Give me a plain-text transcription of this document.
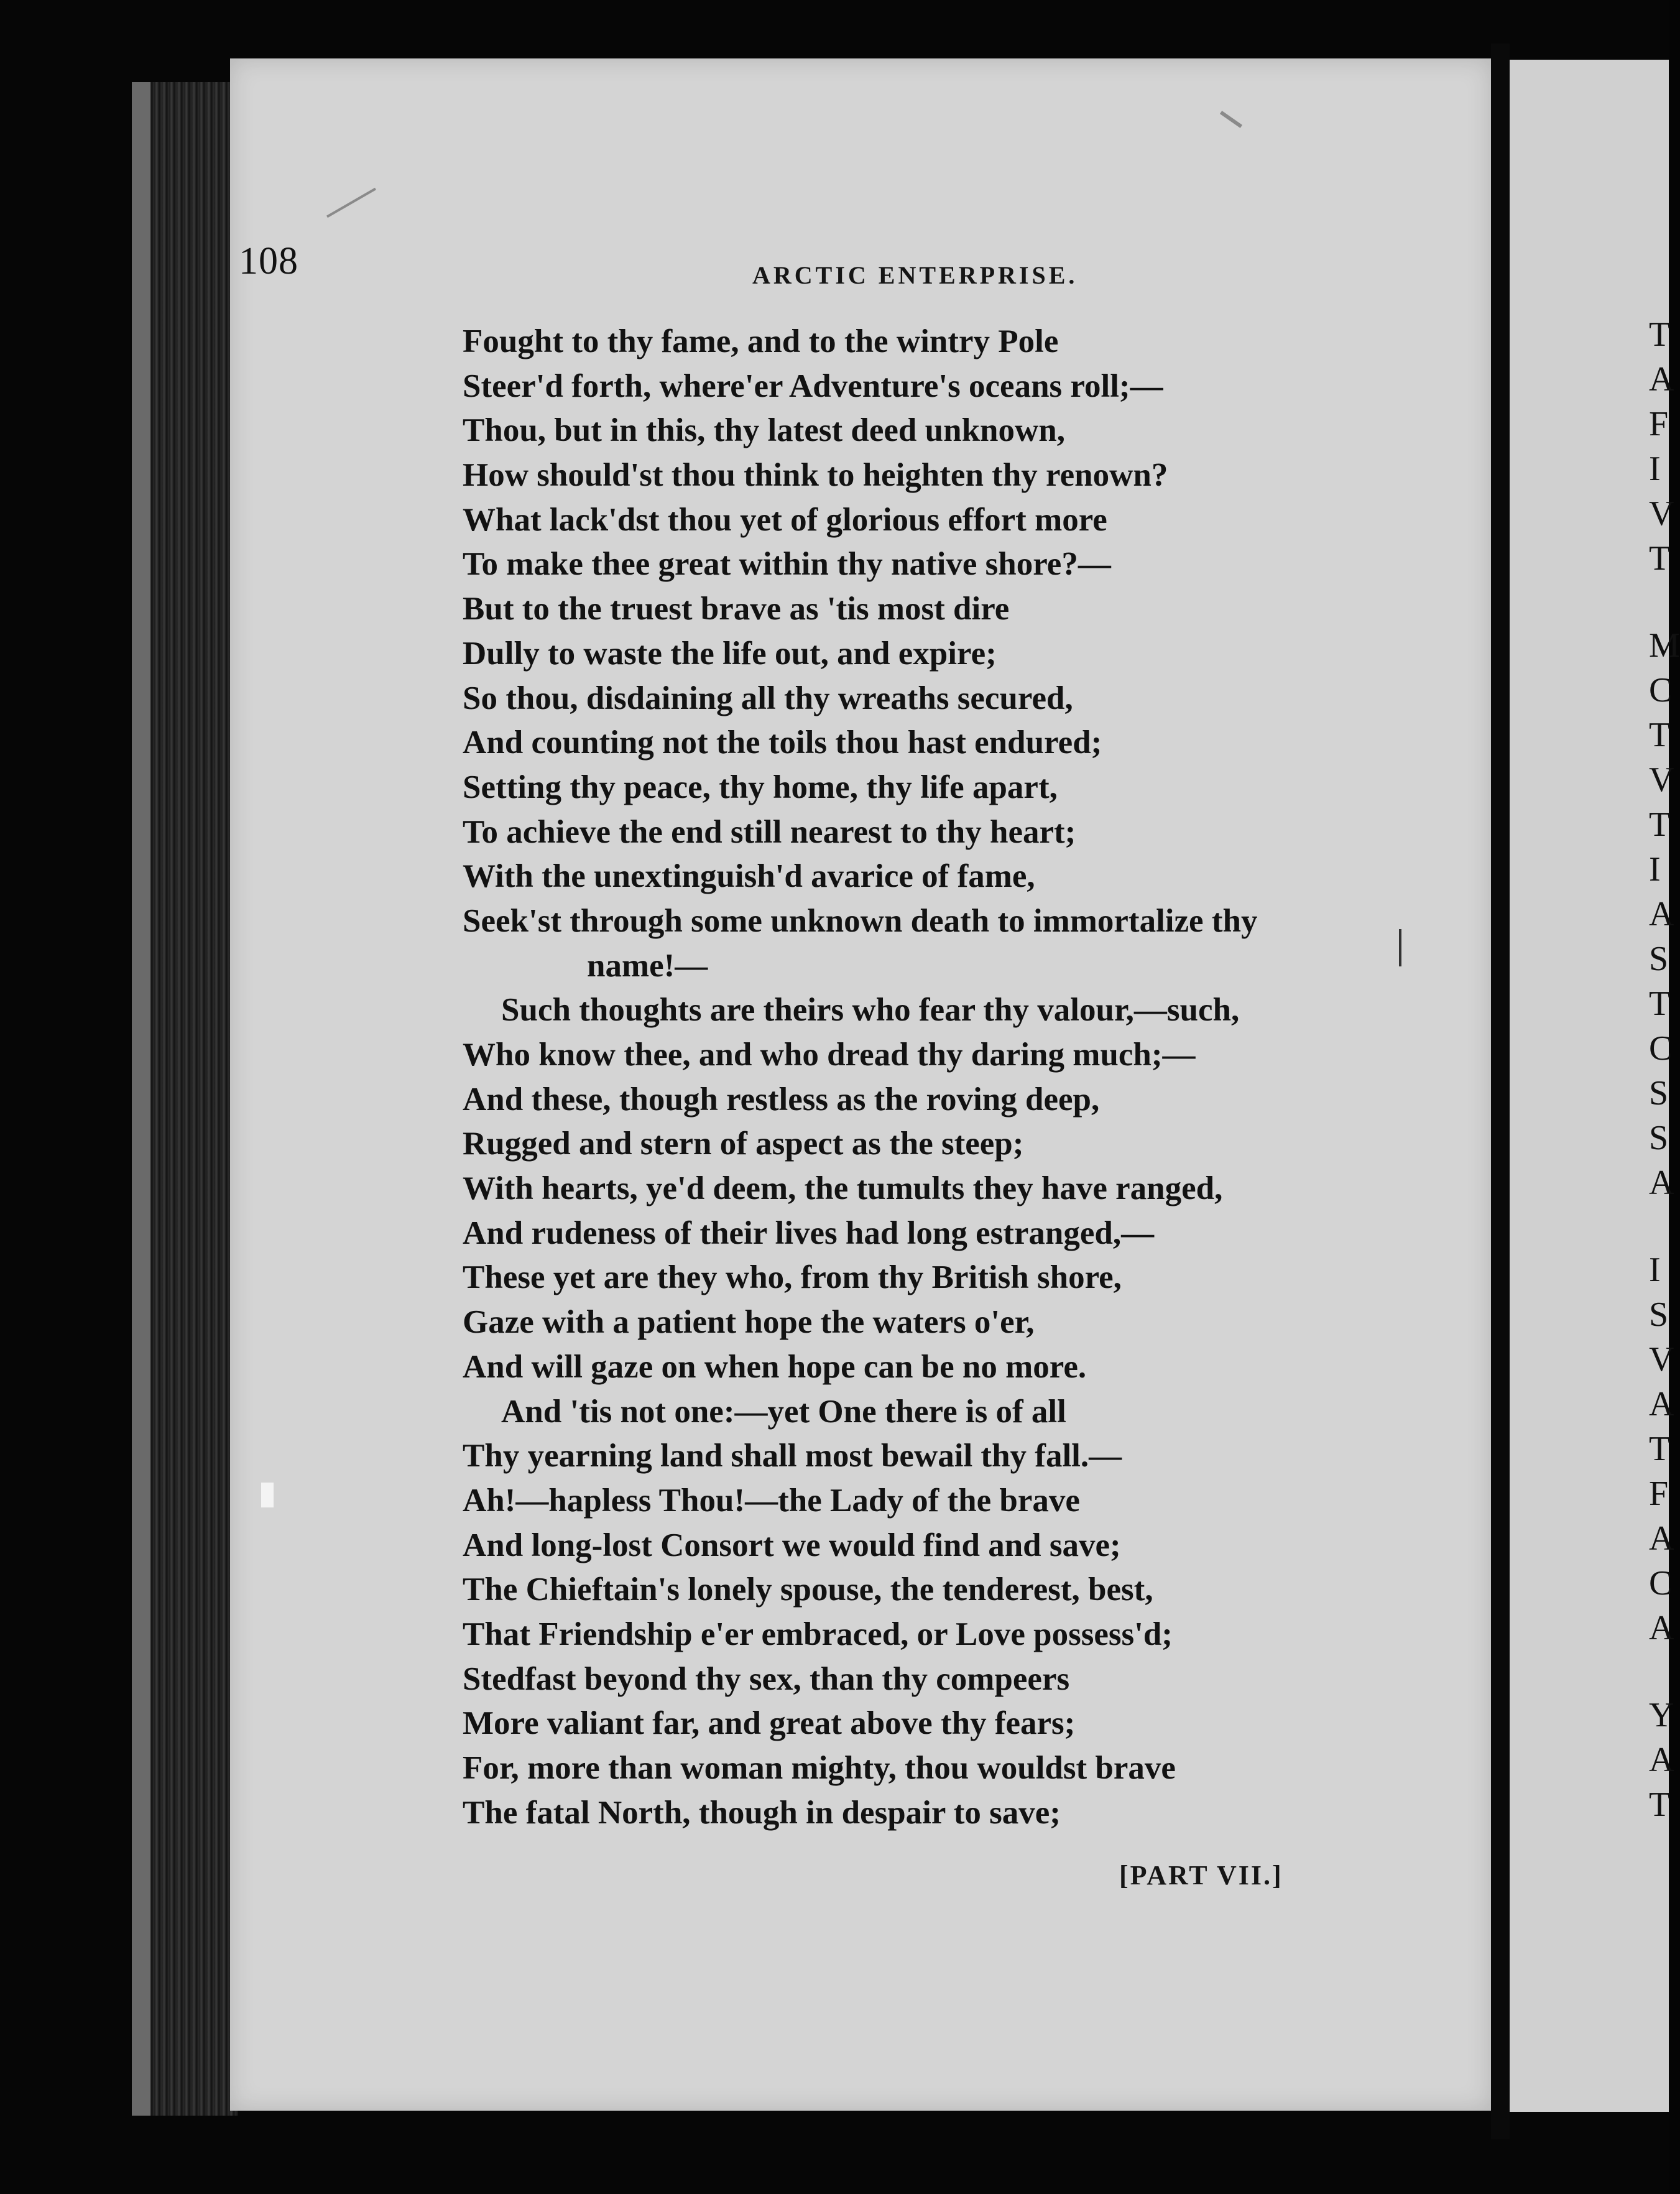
108	ARCTIC ENTERPRISE.
Fought to thy fame, and to the wintry Pole
Steer'd forth, where'er Adventure's oceans roll;—
Thou, but in this, thy latest deed unknown,
How should'st thou think to heighten thy renown?
What lack'dst thou yet of glorious effort more
To make thee great within thy native shore?—
But to the truest brave as 'tis most dire
Dully to waste the life out, and expire;
So thou, disdaining all thy wreaths secured,
And counting not the toils thou hast endured;
Setting thy peace, thy home, thy life apart,
To achieve the end still nearest to thy heart;
With the unextinguish'd avarice of fame,
Seek'st through some unknown death to immortalize thy
name!—
Such thoughts are theirs who fear thy valour,—such,
Who know thee, and who dread thy daring much;—
And these, though restless as the roving deep,
Rugged and stern of aspect as the steep;
With hearts, ye'd deem, the tumults they have ranged,
And rudeness of their lives had long estranged,—
These yet are they who, from thy British shore,
Gaze with a patient hope the waters o'er,
And will gaze on when hope can be no more.
And 'tis not one:—yet One there is of all
Thy yearning land shall most bewail thy fall.—
Ah!—hapless Thou!—the Lady of the brave
And long-lost Consort we would find and save;
The Chieftain's lonely spouse, the tenderest, best,
That Friendship e'er embraced, or Love possess'd;
Stedfast beyond thy sex, than thy compeers
More valiant far, and great above thy fears;
For, more than woman mighty, thou wouldst brave
The fatal North, though in despair to save;
[PART VII.]
T
A
F
I
V
T
M
C
T
V
T
I
A
S
T
C
S
S
A
I
S
V
A
T
F
A
C
A
Y
A
T
